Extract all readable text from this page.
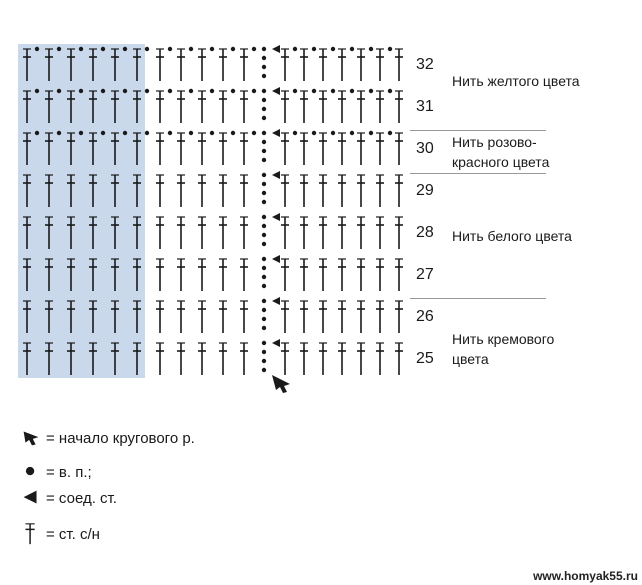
32
31
30
29
28
27
26
25
Нить желтого цвета
Нить розово-
красного цвета
Нить белого цвета
Нить кремового
цвета
= начало кругового р.
= в. п.;
= соед. ст.
= ст. с/н
www.homyak55.ru
